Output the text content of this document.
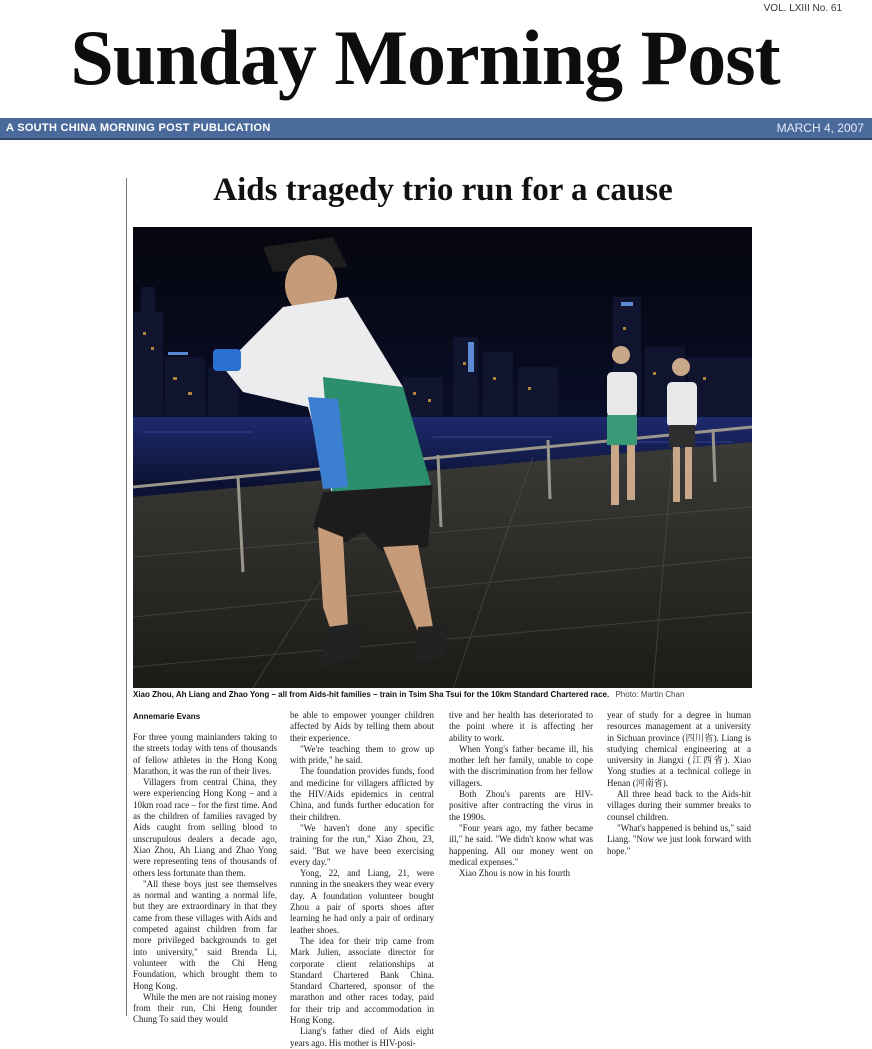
VOL. LXIII No. 61
Sunday Morning Post
A SOUTH CHINA MORNING POST PUBLICATION	MARCH 4, 2007
Aids tragedy trio run for a cause
Xiao Zhou, Ah Liang and Zhao Yong – all from Aids-hit families – train in Tsim Sha Tsui for the 10km Standard Chartered race. Photo: Martin Chan
Annemarie Evans

For three young mainlanders taking to the streets today with tens of thousands of fellow athletes in the Hong Kong Marathon, it was the run of their lives.

Villagers from central China, they were experiencing Hong Kong – and a 10km road race – for the first time. And as the children of families ravaged by Aids caught from selling blood to unscrupulous dealers a decade ago, Xiao Zhou, Ah Liang and Zhao Yong were representing tens of thousands of others less fortunate than them.

"All these boys just see themselves as normal and wanting a normal life, but they are extraordinary in that they came from these villages with Aids and competed against children from far more privileged backgrounds to get into university," said Brenda Li, volunteer with the Chi Heng Foundation, which brought them to Hong Kong.

While the men are not raising money from their run, Chi Heng founder Chung To said they would

be able to empower younger children affected by Aids by telling them about their experience.

"We're teaching them to grow up with pride," he said.

The foundation provides funds, food and medicine for villagers afflicted by the HIV/Aids epidemics in central China, and funds further education for their children.

"We haven't done any specific training for the run," Xiao Zhou, 23, said. "But we have been exercising every day."

Yong, 22, and Liang, 21, were running in the sneakers they wear every day. A foundation volunteer bought Zhou a pair of sports shoes after learning he had only a pair of ordinary leather shoes.

The idea for their trip came from Mark Julien, associate director for corporate client relationships at Standard Chartered Bank China. Standard Chartered, sponsor of the marathon and other races today, paid for their trip and accommodation in Hong Kong.

Liang's father died of Aids eight years ago. His mother is HIV-posi-

tive and her health has deteriorated to the point where it is affecting her ability to work.

When Yong's father became ill, his mother left her family, unable to cope with the discrimination from her fellow villagers.

Both Zhou's parents are HIV-positive after contracting the virus in the 1990s.

"Four years ago, my father became ill," he said. "We didn't know what was happening. All our money went on medical expenses."

Xiao Zhou is now in his fourth

year of study for a degree in human resources management at a university in Sichuan province (四川省). Liang is studying chemical engineering at a university in Jiangxi (江西省). Xiao Yong studies at a technical college in Henan (河南省).

All three head back to the Aids-hit villages during their summer breaks to counsel children.

"What's happened is behind us," said Liang. "Now we just look forward with hope."
